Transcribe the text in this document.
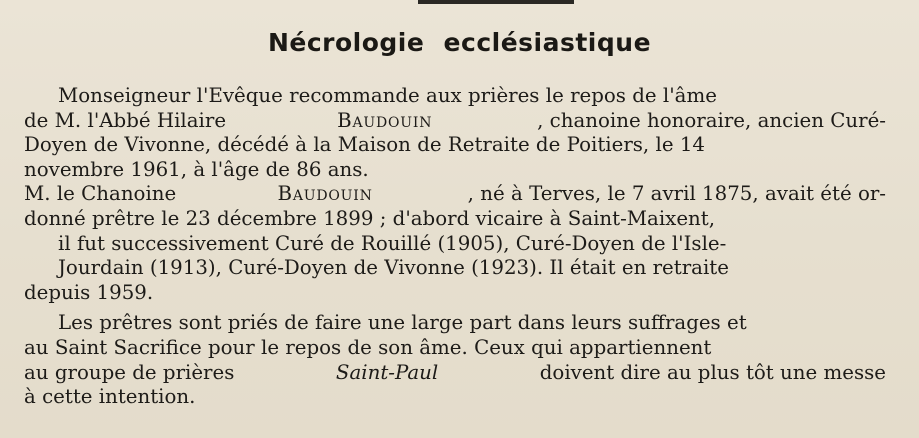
Nécrologie ecclésiastique
Monseigneur l'Evêque recommande aux prières le repos de l'âme
de M. l'Abbé Hilaire	Baudouin	, chanoine honoraire, ancien Curé-
Doyen de Vivonne, décédé à la Maison de Retraite de Poitiers, le 14
novembre 1961, à l'âge de 86 ans.
M. le Chanoine	Baudouin	, né à Terves, le 7 avril 1875, avait été or-
donné prêtre le 23 décembre 1899 ; d'abord vicaire à Saint-Maixent,
il fut successivement Curé de Rouillé (1905), Curé-Doyen de l'Isle-
Jourdain (1913), Curé-Doyen de Vivonne (1923). Il était en retraite
depuis 1959.
Les prêtres sont priés de faire une large part dans leurs suffrages et
au Saint Sacrifice pour le repos de son âme. Ceux qui appartiennent
au groupe de prières	Saint-Paul	doivent dire au plus tôt une messe
à cette intention.
